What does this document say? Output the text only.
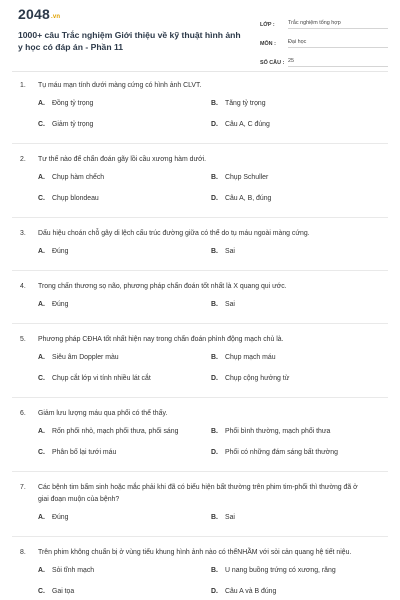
2048.vn
1000+ câu Trắc nghiệm Giới thiệu về kỹ thuật hình ảnh y học có đáp án - Phần 11
LỚP :	Trắc nghiệm tổng hợp
MÔN :	Đại học
SỐ CÂU : 25
1.	Tụ máu mạn tính dưới màng cứng có hình ảnh CLVT.
A.	Đồng tỷ trọng	B.	Tăng tỷ trọng
C.	Giảm tỷ trọng	D.	Câu A, C đúng
2.	Tư thế nào để chẩn đoán gãy lồi cầu xương hàm dưới.
A.	Chụp hàm chếch	B.	Chụp Schuller
C.	Chụp blondeau	D.	Câu A, B, đúng
3.	Dấu hiệu choán chỗ gây di lệch cấu trúc đường giữa có thể do tụ máu ngoài màng cứng.
A.	Đúng	B.	Sai
4.	Trong chấn thương sọ não, phương pháp chẩn đoán tốt nhất là X quang qui ước.
A.	Đúng	B.	Sai
5.	Phương pháp CĐHA tốt nhất hiện nay trong chẩn đoán phình động mạch chủ là.
A.	Siêu âm Doppler màu	B.	Chụp mạch máu
C.	Chụp cắt lớp vi tính nhiều lát cắt	D.	Chụp cộng hưởng từ
6.	Giảm lưu lượng máu qua phổi có thể thấy.
A.	Rốn phổi nhỏ, mạch phổi thưa, phổi sáng	B.	Phổi bình thường, mạch phổi thưa
C.	Phân bố lại tưới máu	D.	Phổi có những đám sáng bất thường
7.	Các bệnh tim bẩm sinh hoặc mắc phải khi đã có biểu hiện bất thường trên phim tim-phổi thì thường đã ở giai đoạn muộn của bệnh?
A.	Đúng	B.	Sai
8.	Trên phim không chuẩn bị ở vùng tiểu khung hình ảnh nào có thểNHẦM với sỏi cản quang hệ tiết niệu.
A.	Sỏi tĩnh mạch	B.	U nang buồng trứng có xương, răng
C.	Gai tọa	D.	Câu A và B đúng
